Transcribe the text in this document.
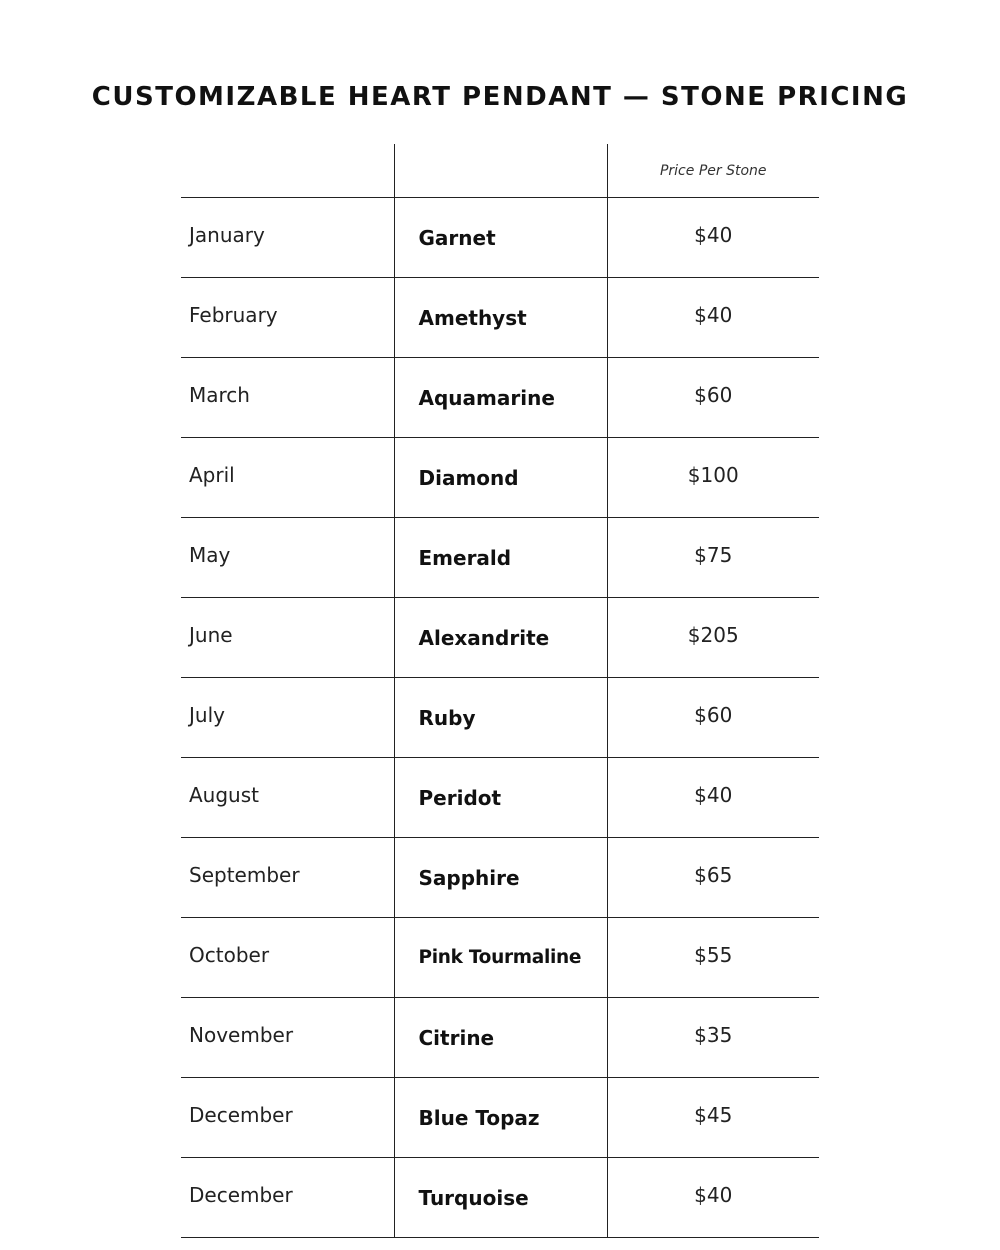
CUSTOMIZABLE HEART PENDANT — STONE PRICING
		Price Per Stone
January	Garnet	$40
February	Amethyst	$40
March	Aquamarine	$60
April	Diamond	$100
May	Emerald	$75
June	Alexandrite	$205
July	Ruby	$60
August	Peridot	$40
September	Sapphire	$65
October	Pink Tourmaline	$55
November	Citrine	$35
December	Blue Topaz	$45
December	Turquoise	$40
